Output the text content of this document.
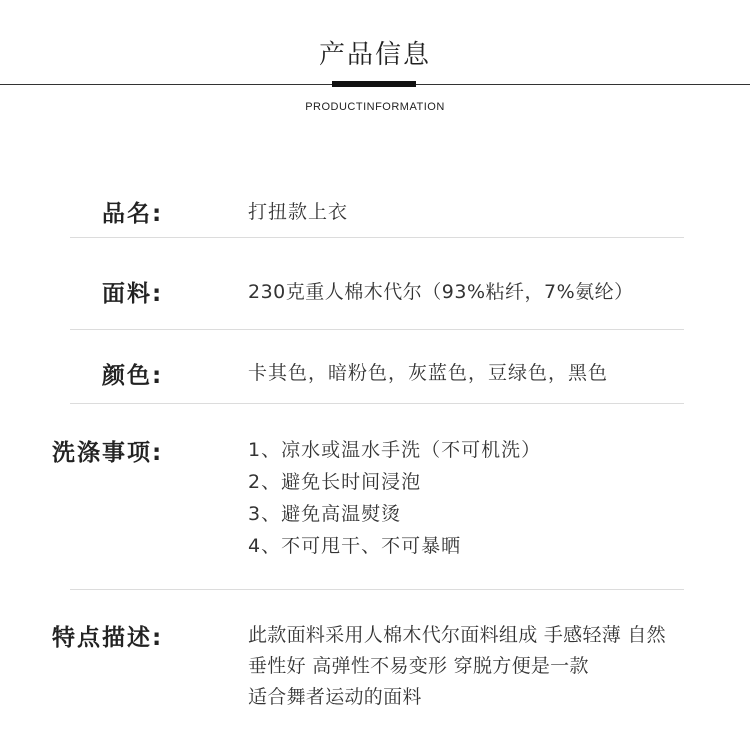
产品信息
PRODUCTINFORMATION
品名:	打扭款上衣
面料:	230克重人棉木代尔（93%粘纤，7%氨纶）
颜色:	卡其色，暗粉色，灰蓝色，豆绿色，黑色
洗涤事项:	1、凉水或温水手洗（不可机洗）
2、避免长时间浸泡
3、避免高温熨烫
4、不可甩干、不可暴晒
特点描述:	此款面料采用人棉木代尔面料组成 手感轻薄 自然
垂性好 高弹性不易变形 穿脱方便是一款
适合舞者运动的面料
